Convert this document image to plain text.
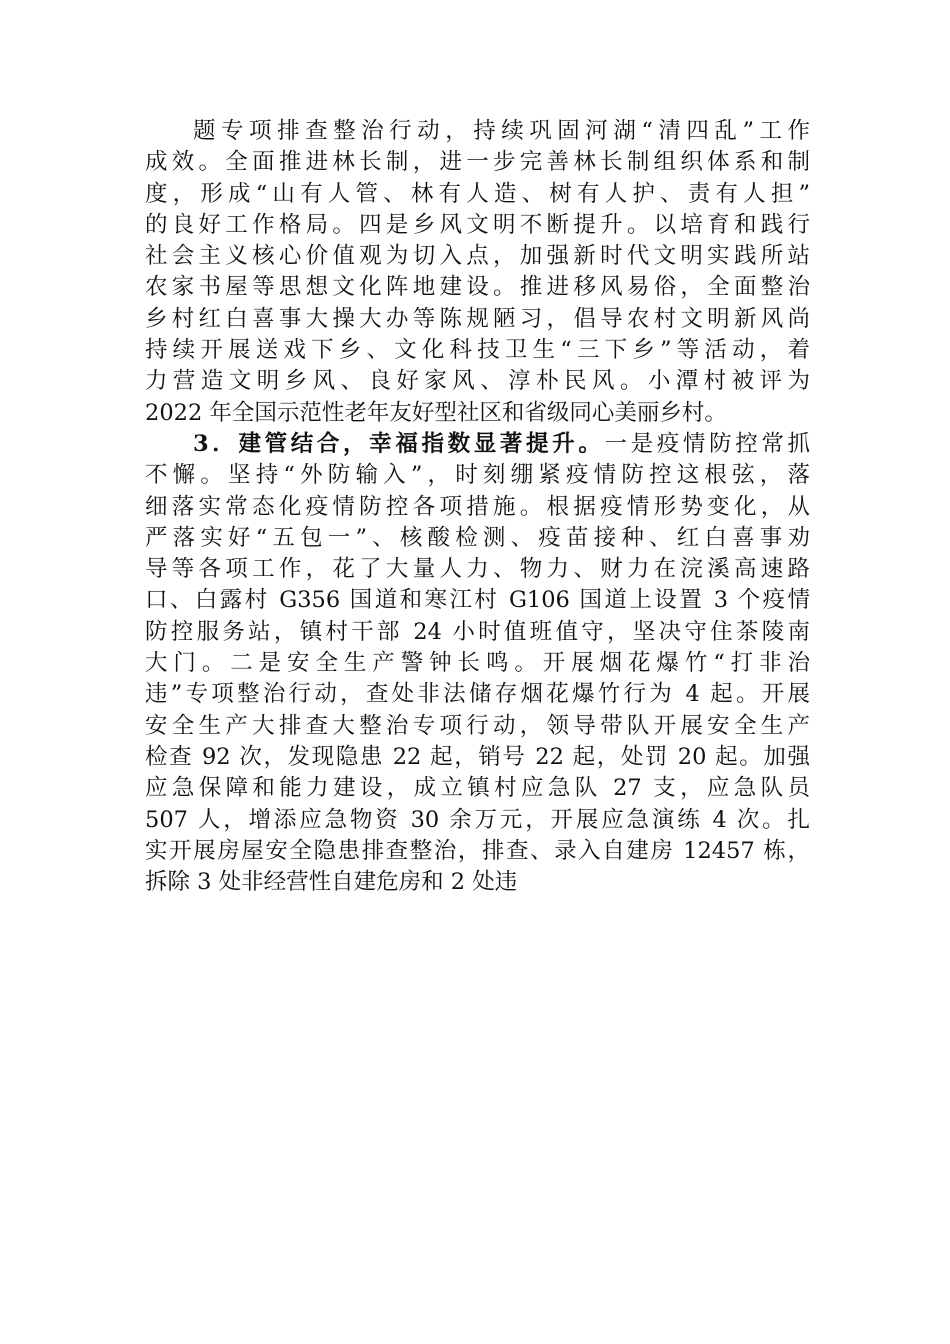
题专项排查整治行动，持续巩固河湖“清四乱”工作
成效。全面推进林长制，进一步完善林长制组织体系和制
度，形成“山有人管、林有人造、树有人护、责有人担”
的良好工作格局。四是乡风文明不断提升。以培育和践行
社会主义核心价值观为切入点，加强新时代文明实践所站
农家书屋等思想文化阵地建设。推进移风易俗，全面整治
乡村红白喜事大操大办等陈规陋习，倡导农村文明新风尚
持续开展送戏下乡、文化科技卫生“三下乡”等活动，着
力营造文明乡风、良好家风、淳朴民风。小潭村被评为
2022 年全国示范性老年友好型社区和省级同心美丽乡村。
3．建管结合，幸福指数显著提升。一是疫情防控常抓
不懈。坚持“外防输入”，时刻绷紧疫情防控这根弦，落
细落实常态化疫情防控各项措施。根据疫情形势变化，从
严落实好“五包一”、核酸检测、疫苗接种、红白喜事劝
导等各项工作，花了大量人力、物力、财力在浣溪高速路
口、白露村 G356 国道和寒江村 G106 国道上设置 3 个疫情
防控服务站，镇村干部 24 小时值班值守，坚决守住茶陵南
大门。二是安全生产警钟长鸣。开展烟花爆竹“打非治
违”专项整治行动，查处非法储存烟花爆竹行为 4 起。开展
安全生产大排查大整治专项行动，领导带队开展安全生产
检查 92 次，发现隐患 22 起，销号 22 起，处罚 20 起。加强
应急保障和能力建设，成立镇村应急队 27 支，应急队员
507 人，增添应急物资 30 余万元，开展应急演练 4 次。扎
实开展房屋安全隐患排查整治，排查、录入自建房 12457 栋，
拆除 3 处非经营性自建危房和 2 处违
